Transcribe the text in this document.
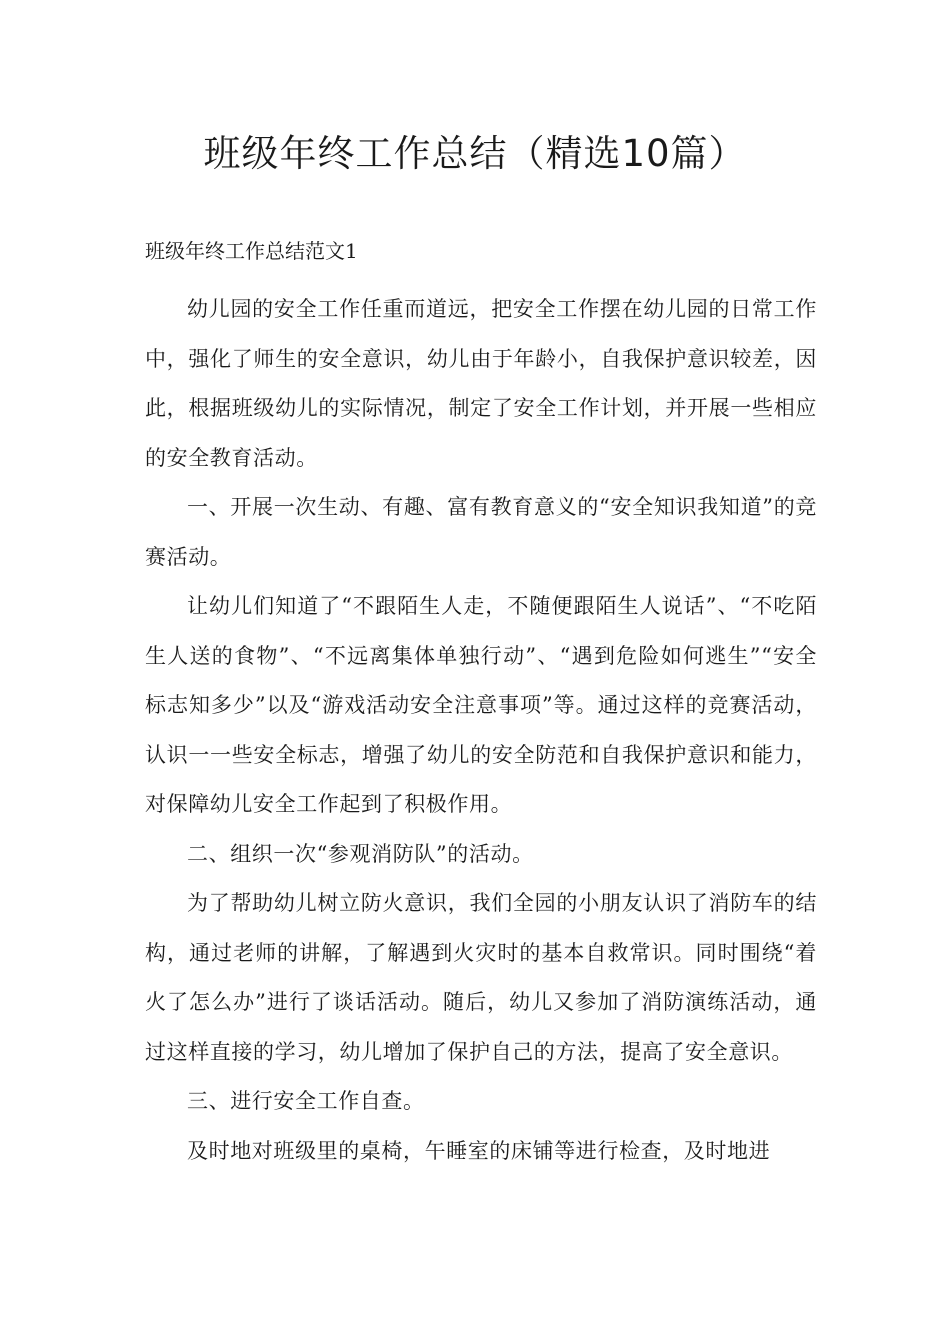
班级年终工作总结（精选10篇）
班级年终工作总结范文1

幼儿园的安全工作任重而道远，把安全工作摆在幼儿园的日常工作中，强化了师生的安全意识，幼儿由于年龄小，自我保护意识较差，因此，根据班级幼儿的实际情况，制定了安全工作计划，并开展一些相应的安全教育活动。

一、开展一次生动、有趣、富有教育意义的“安全知识我知道”的竞赛活动。

让幼儿们知道了“不跟陌生人走，不随便跟陌生人说话”、“不吃陌生人送的食物”、“不远离集体单独行动”、“遇到危险如何逃生”“安全标志知多少”以及“游戏活动安全注意事项”等。通过这样的竞赛活动，认识一一些安全标志，增强了幼儿的安全防范和自我保护意识和能力，对保障幼儿安全工作起到了积极作用。

二、组织一次“参观消防队”的活动。

为了帮助幼儿树立防火意识，我们全园的小朋友认识了消防车的结构，通过老师的讲解，了解遇到火灾时的基本自救常识。同时围绕“着火了怎么办”进行了谈话活动。随后，幼儿又参加了消防演练活动，通过这样直接的学习，幼儿增加了保护自己的方法，提高了安全意识。

三、进行安全工作自查。

及时地对班级里的桌椅，午睡室的床铺等进行检查，及时地进
